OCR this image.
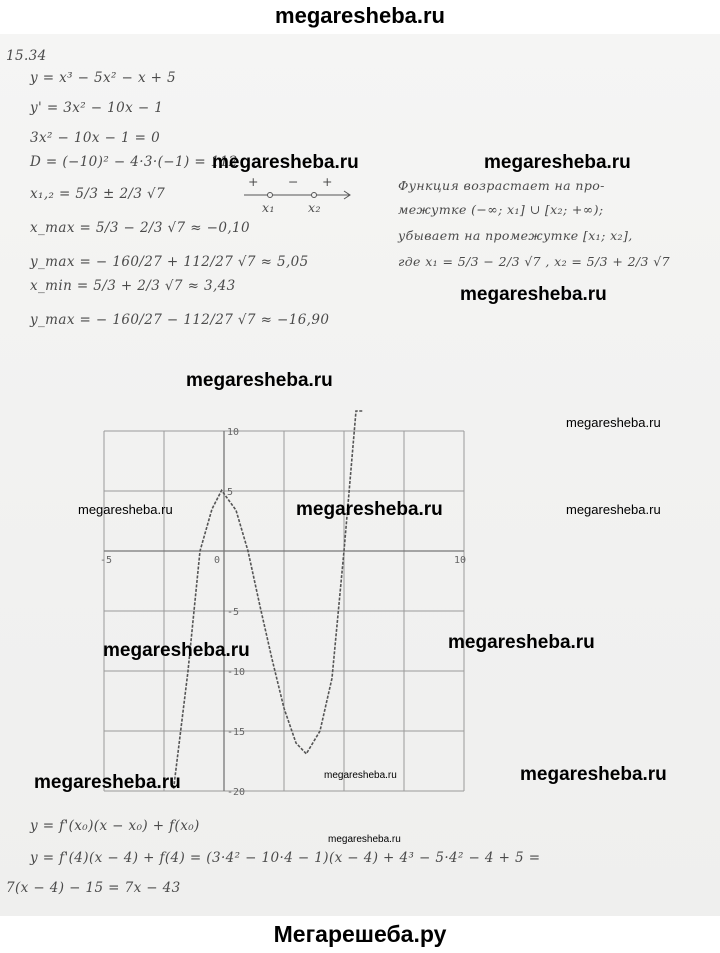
megaresheba.ru
15.34
y = x³ − 5x² − x + 5
y' = 3x² − 10x − 1
3x² − 10x − 1 = 0
D = (−10)² − 4·3·(−1) = 112
x₁,₂ = 5/3 ± 2/3 √7
x_max = 5/3 − 2/3 √7 ≈ −0,10
y_max = − 160/27 + 112/27 √7 ≈ 5,05
x_min = 5/3 + 2/3 √7 ≈ 3,43
y_max = − 160/27 − 112/27 √7 ≈ −16,90
+ − +
x₁	x₂
Функция возрастает на про-
межутке (−∞; x₁] ∪ [x₂; +∞);
убывает на промежутке [x₁; x₂],
где x₁ = 5/3 − 2/3 √7 , x₂ = 5/3 + 2/3 √7
-5	0	10
10
5
-5
-10
-15
-20
y = f'(x₀)(x − x₀) + f(x₀)
y = f'(4)(x − 4) + f(4) = (3·4² − 10·4 − 1)(x − 4) + 4³ − 5·4² − 4 + 5 =
7(x − 4) − 15 = 7x − 43
megaresheba.ru	megaresheba.ru
megaresheba.ru
megaresheba.ru
megaresheba.ru
megaresheba.ru	megaresheba.ru	megaresheba.ru
megaresheba.ru	megaresheba.ru
megaresheba.ru	megaresheba.ru	megaresheba.ru
megaresheba.ru
Мегарешеба.ру
